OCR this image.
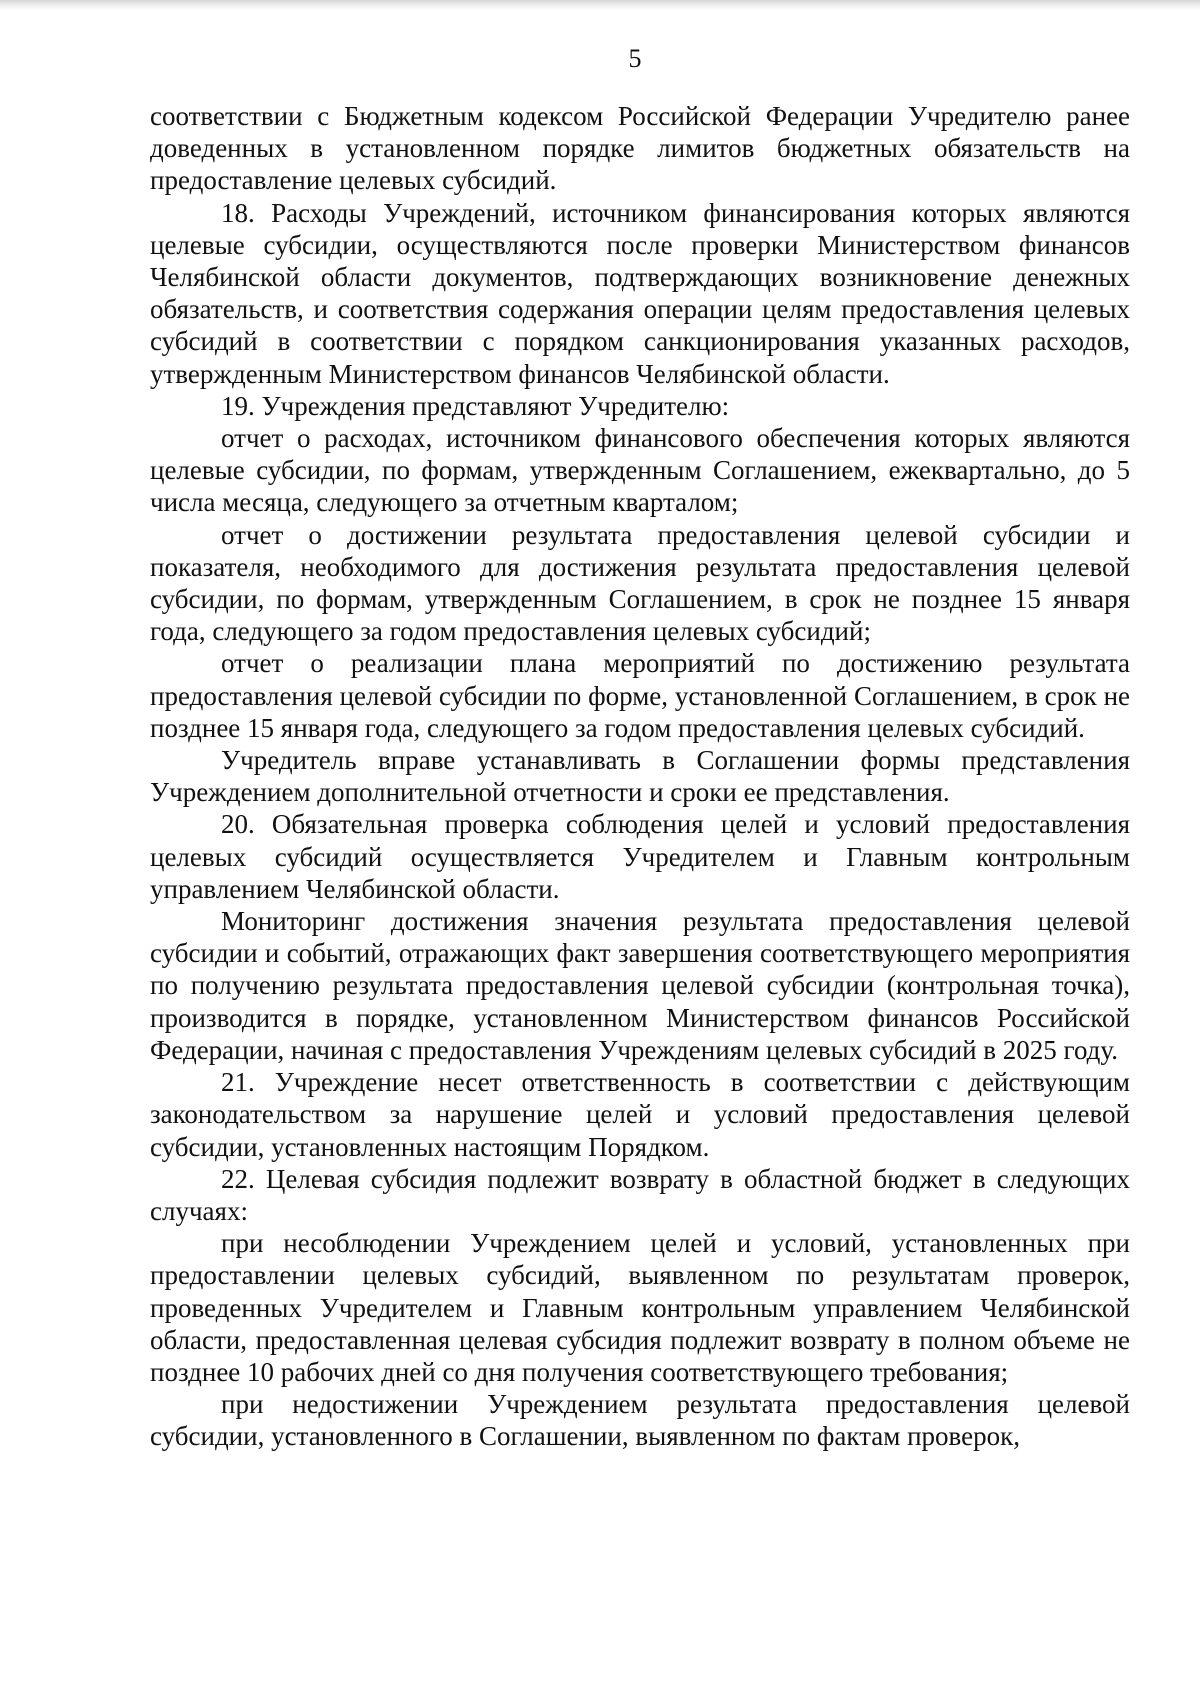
5

соответствии с Бюджетным кодексом Российской Федерации Учредителю ранее доведенных в установленном порядке лимитов бюджетных обязательств на предоставление целевых субсидий.

18. Расходы Учреждений, источником финансирования которых являются целевые субсидии, осуществляются после проверки Министерством финансов Челябинской области документов, подтверждающих возникновение денежных обязательств, и соответствия содержания операции целям предоставления целевых субсидий в соответствии с порядком санкционирования указанных расходов, утвержденным Министерством финансов Челябинской области.

19. Учреждения представляют Учредителю:

отчет о расходах, источником финансового обеспечения которых являются целевые субсидии, по формам, утвержденным Соглашением, ежеквартально, до 5 числа месяца, следующего за отчетным кварталом;

отчет о достижении результата предоставления целевой субсидии и показателя, необходимого для достижения результата предоставления целевой субсидии, по формам, утвержденным Соглашением, в срок не позднее 15 января года, следующего за годом предоставления целевых субсидий;

отчет о реализации плана мероприятий по достижению результата предоставления целевой субсидии по форме, установленной Соглашением, в срок не позднее 15 января года, следующего за годом предоставления целевых субсидий.

Учредитель вправе устанавливать в Соглашении формы представления Учреждением дополнительной отчетности и сроки ее представления.

20. Обязательная проверка соблюдения целей и условий предоставления целевых субсидий осуществляется Учредителем и Главным контрольным управлением Челябинской области.

Мониторинг достижения значения результата предоставления целевой субсидии и событий, отражающих факт завершения соответствующего мероприятия по получению результата предоставления целевой субсидии (контрольная точка), производится в порядке, установленном Министерством финансов Российской Федерации, начиная с предоставления Учреждениям целевых субсидий в 2025 году.

21. Учреждение несет ответственность в соответствии с действующим законодательством за нарушение целей и условий предоставления целевой субсидии, установленных настоящим Порядком.

22. Целевая субсидия подлежит возврату в областной бюджет в следующих случаях:

при несоблюдении Учреждением целей и условий, установленных при предоставлении целевых субсидий, выявленном по результатам проверок, проведенных Учредителем и Главным контрольным управлением Челябинской области, предоставленная целевая субсидия подлежит возврату в полном объеме не позднее 10 рабочих дней со дня получения соответствующего требования;

при недостижении Учреждением результата предоставления целевой субсидии, установленного в Соглашении, выявленном по фактам проверок,
